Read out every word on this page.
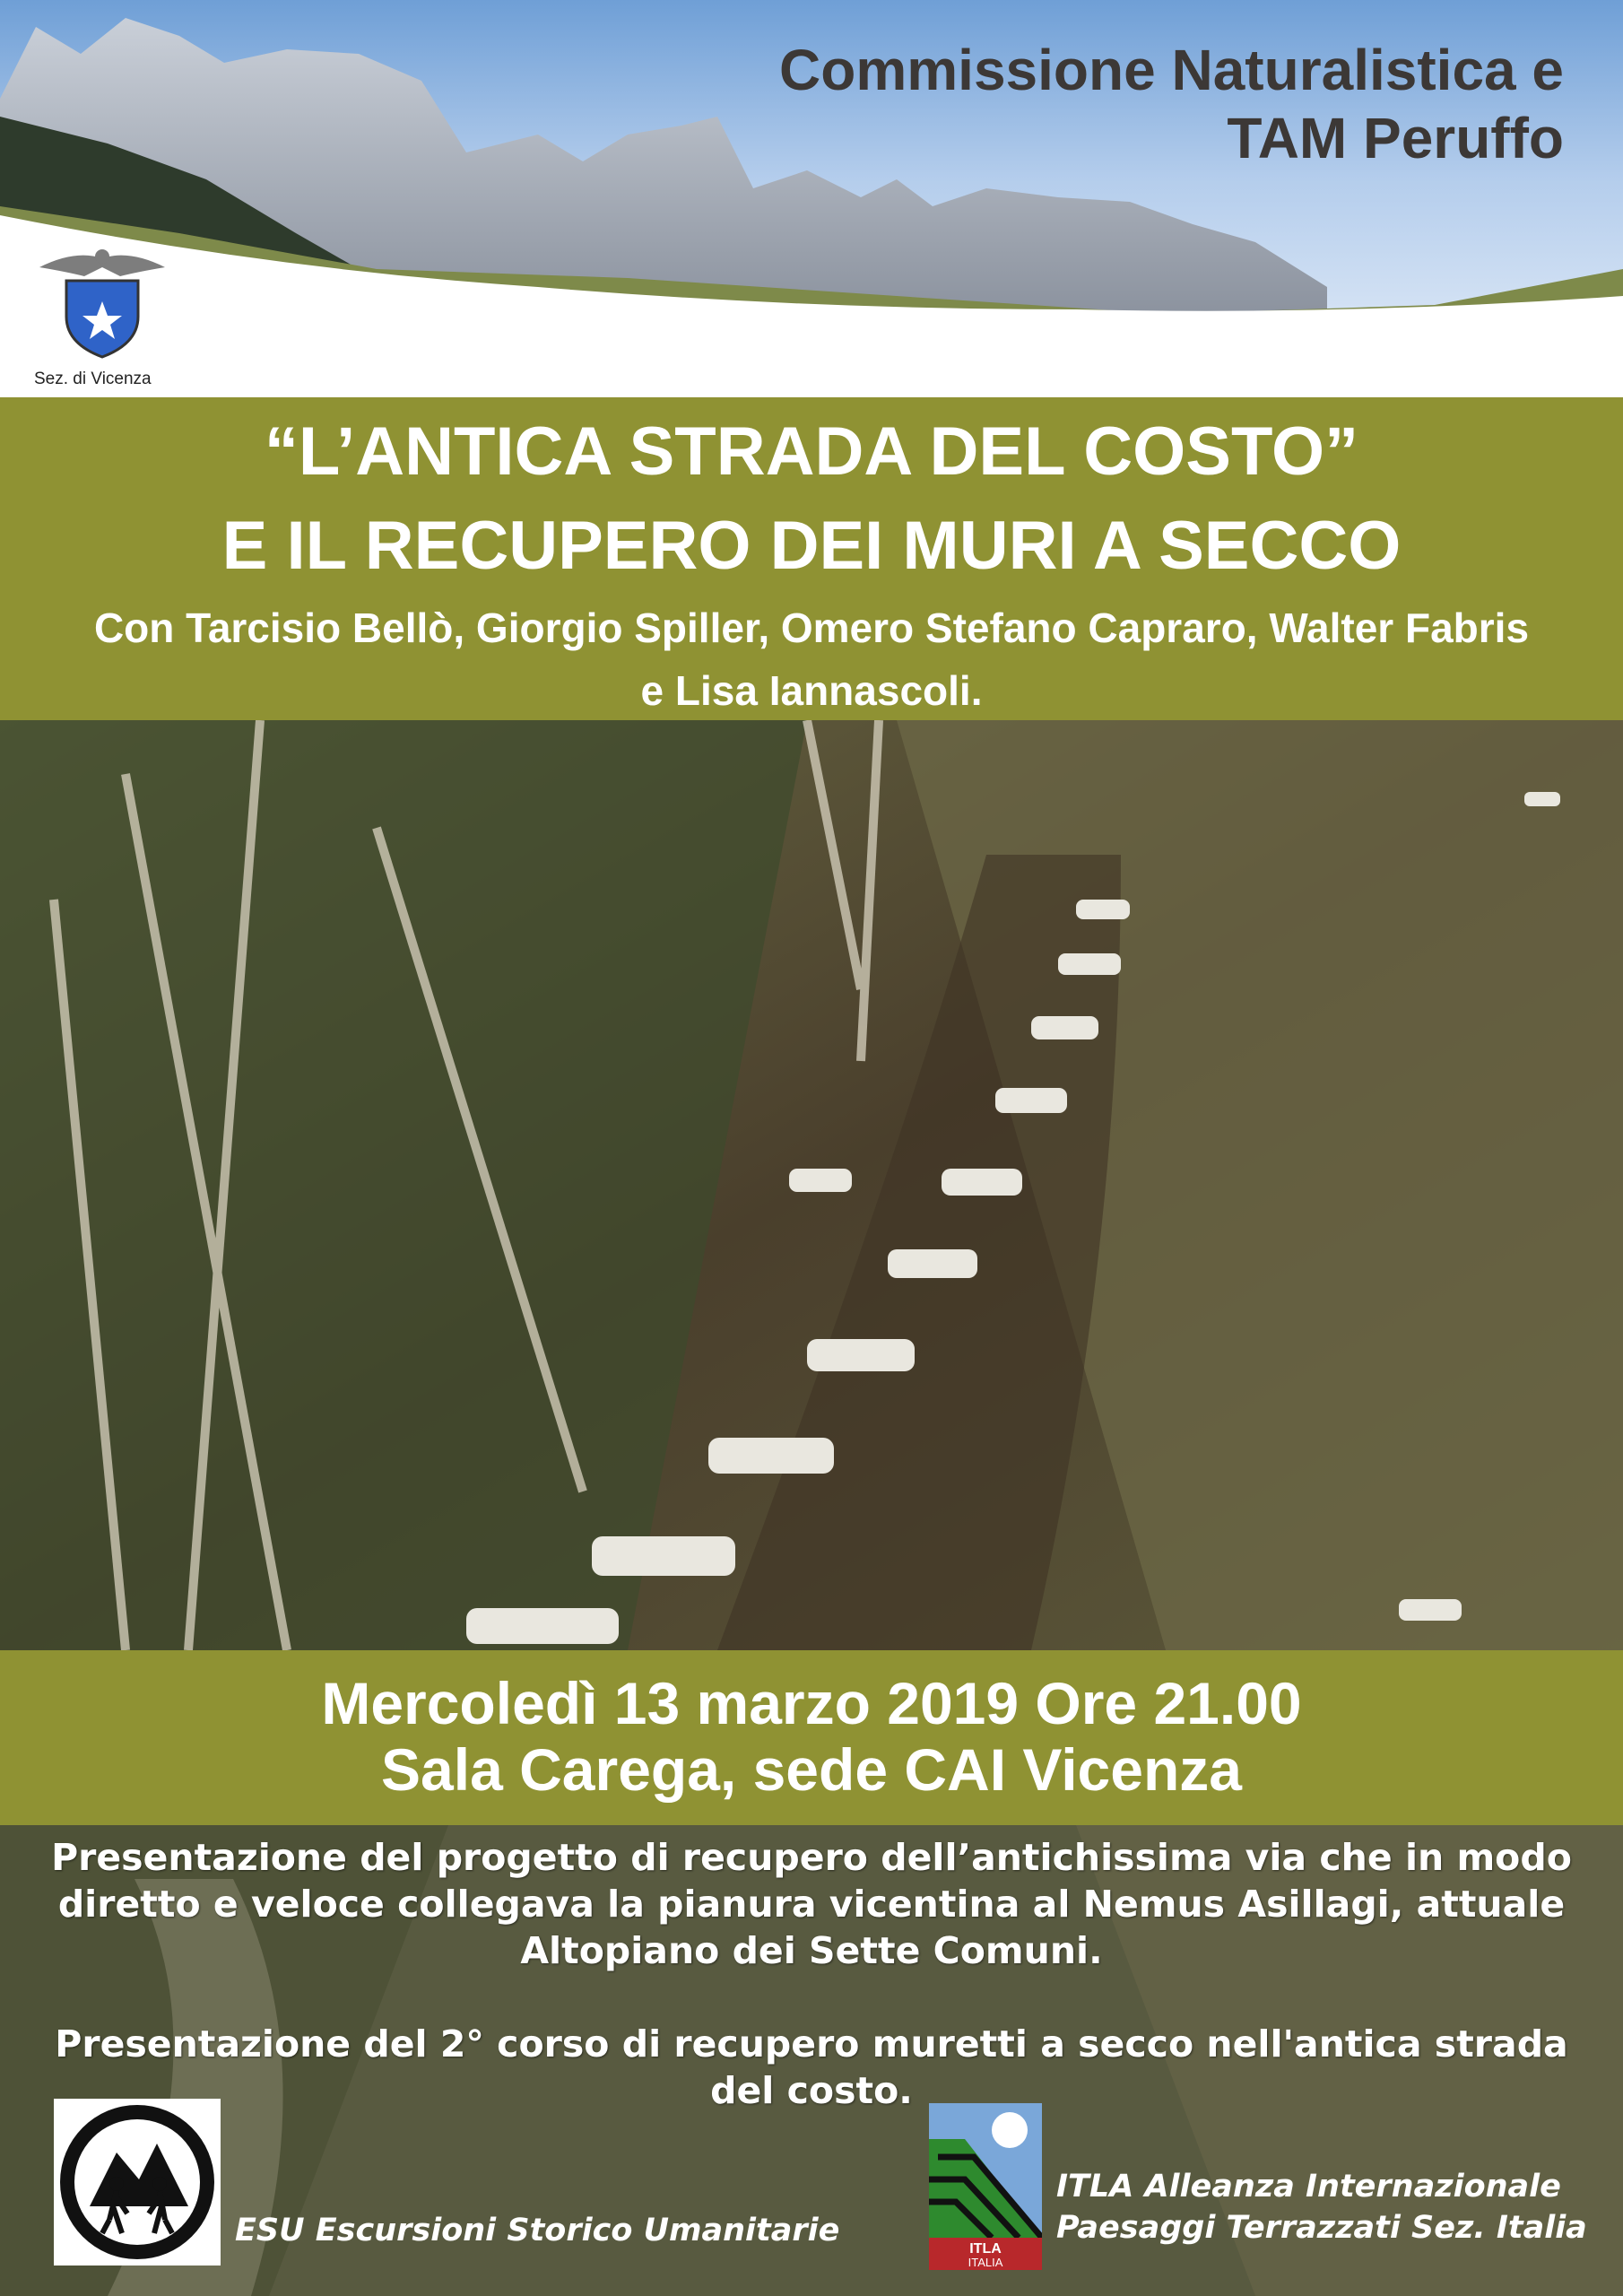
Commissione Naturalistica e
TAM Peruffo
Sez. di Vicenza
“L’ANTICA STRADA DEL COSTO”
E IL RECUPERO DEI MURI A SECCO
Con Tarcisio Bellò, Giorgio Spiller, Omero Stefano Capraro, Walter Fabris e Lisa Iannascoli.
Mercoledì 13 marzo 2019 Ore 21.00
Sala Carega, sede CAI Vicenza
Presentazione del progetto di recupero dell’antichissima via che in modo diretto e veloce collegava la pianura vicentina al Nemus Asillagi, attuale Altopiano dei Sette Comuni.
Presentazione del 2° corso di recupero muretti a secco nell'antica strada del costo.
ESU Escursioni Storico Umanitarie
ITLA
ITALIA
ITLA Alleanza Internazionale
Paesaggi Terrazzati Sez. Italia
